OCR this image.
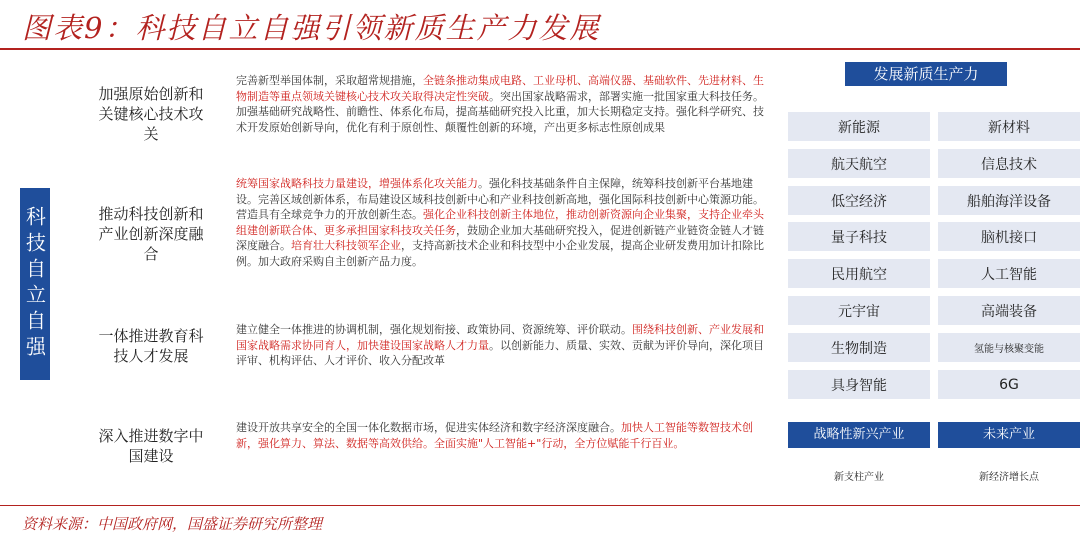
图表9：科技自立自强引领新质生产力发展
科技自立自强
加强原始创新和关键核心技术攻关
完善新型举国体制，采取超常规措施，全链条推动集成电路、工业母机、高端仪器、基础软件、先进材料、生物制造等重点领域关键核心技术攻关取得决定性突破。突出国家战略需求，部署实施一批国家重大科技任务。加强基础研究战略性、前瞻性、体系化布局，提高基础研究投入比重，加大长期稳定支持。强化科学研究、技术开发原始创新导向，优化有利于原创性、颠覆性创新的环境，产出更多标志性原创成果
推动科技创新和产业创新深度融合
统筹国家战略科技力量建设，增强体系化攻关能力。强化科技基础条件自主保障，统筹科技创新平台基地建设。完善区域创新体系，布局建设区域科技创新中心和产业科技创新高地，强化国际科技创新中心策源功能。营造具有全球竞争力的开放创新生态。强化企业科技创新主体地位，推动创新资源向企业集聚，支持企业牵头组建创新联合体、更多承担国家科技攻关任务，鼓励企业加大基础研究投入，促进创新链产业链资金链人才链深度融合。培育壮大科技领军企业，支持高新技术企业和科技型中小企业发展，提高企业研发费用加计扣除比例。加大政府采购自主创新产品力度。
一体推进教育科技人才发展
建立健全一体推进的协调机制，强化规划衔接、政策协同、资源统筹、评价联动。围绕科技创新、产业发展和国家战略需求协同育人，加快建设国家战略人才力量。以创新能力、质量、实效、贡献为评价导向，深化项目评审、机构评估、人才评价、收入分配改革
深入推进数字中国建设
建设开放共享安全的全国一体化数据市场，促进实体经济和数字经济深度融合。加快人工智能等数智技术创新，强化算力、算法、数据等高效供给。全面实施"人工智能+"行动，全方位赋能千行百业。
发展新质生产力
新能源
航天航空
低空经济
量子科技
民用航空
元宇宙
生物制造
具身智能
新材料
信息技术
船舶海洋设备
脑机接口
人工智能
高端装备
氢能与核聚变能
6G
战略性新兴产业	未来产业
新支柱产业	新经济增长点
资料来源：中国政府网，国盛证券研究所整理
